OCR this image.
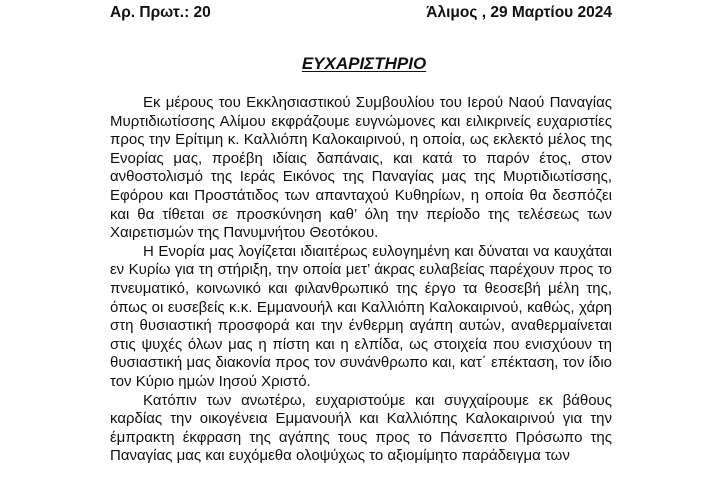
Αρ. Πρωτ.: 20	Άλιμος , 29 Μαρτίου 2024
ΕΥΧΑΡΙΣΤΗΡΙΟ

Εκ μέρους του Εκκλησιαστικού Συμβουλίου του Ιερού Ναού Παναγίας Μυρτιδιωτίσσης Αλίμου εκφράζουμε ευγνώμονες και ειλικρινείς ευχαριστίες προς την Ερίτιμη κ. Καλλιόπη Καλοκαιρινού, η οποία, ως εκλεκτό μέλος της Ενορίας μας, προέβη ιδίαις δαπάναις, και κατά το παρόν έτος, στον ανθοστολισμό της Ιεράς Εικόνος της Παναγίας μας της Μυρτιδιωτίσσης, Εφόρου και Προστάτιδος των απανταχού Κυθηρίων, η οποία θα δεσπόζει και θα τίθεται σε προσκύνηση καθ’ όλη την περίοδο της τελέσεως των Χαιρετισμών της Πανυμνήτου Θεοτόκου.

Η Ενορία μας λογίζεται ιδιαιτέρως ευλογημένη και δύναται να καυχάται εν Κυρίω για τη στήριξη, την οποία μετ’ άκρας ευλαβείας παρέχουν προς το πνευματικό, κοινωνικό και φιλανθρωπικό της έργο τα θεοσεβή μέλη της, όπως οι ευσεβείς κ.κ. Εμμανουήλ και Καλλιόπη Καλοκαιρινού, καθώς, χάρη στη θυσιαστική προσφορά και την ένθερμη αγάπη αυτών, αναθερμαίνεται στις ψυχές όλων μας η πίστη και η ελπίδα, ως στοιχεία που ενισχύουν τη θυσιαστική μας διακονία προς τον συνάνθρωπο και, κατ΄ επέκταση, τον ίδιο τον Κύριο ημών Ιησού Χριστό.

Κατόπιν των ανωτέρω, ευχαριστούμε και συγχαίρουμε εκ βάθους καρδίας την οικογένεια Εμμανουήλ και Καλλιόπης Καλοκαιρινού για την έμπρακτη έκφραση της αγάπης τους προς το Πάνσεπτο Πρόσωπο της Παναγίας μας και ευχόμεθα ολοψύχως το αξιομίμητο παράδειγμα των
